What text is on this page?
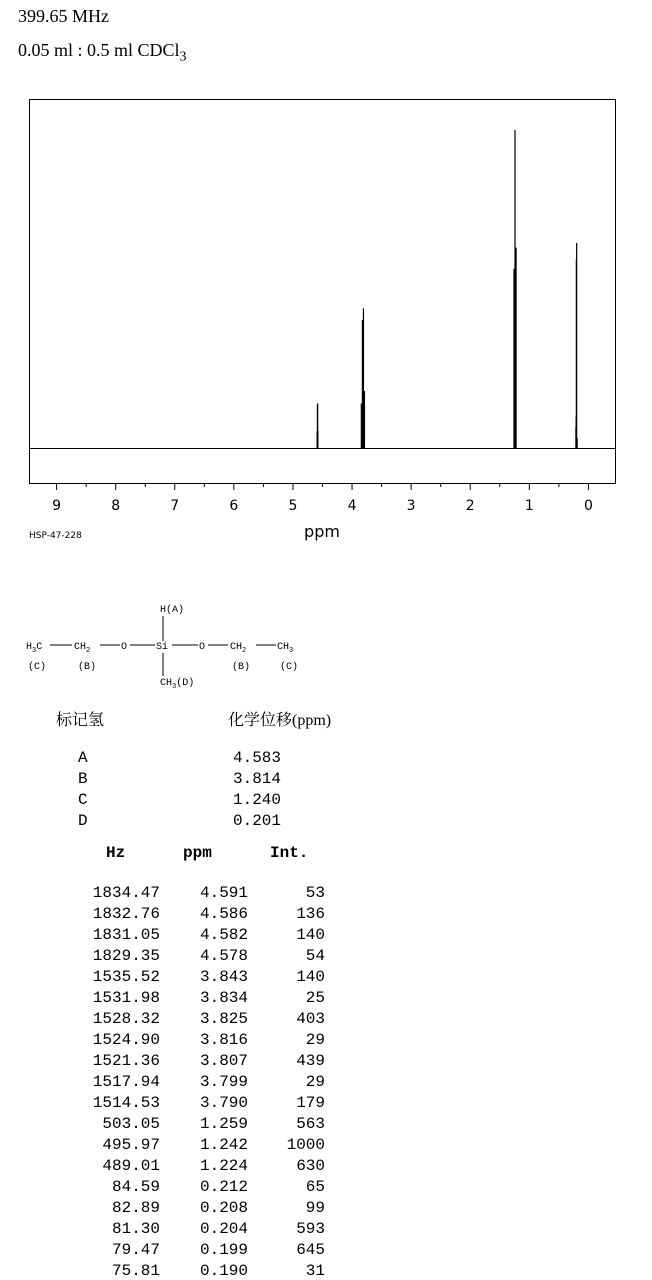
399.65 MHz
0.05 ml : 0.5 ml CDCl$_3$
9	8	7	6	5	4	3	2	1	0
ppm
HSP-47-228
H(A)
$H_3C$	$CH_2$	O	Si	O $CH_2$	$CH_3$
$CH_3(D)$
(C)	(B)	(B)	(C)
标记氢	化学位移(ppm)
A	4.583
B	3.814
C	1.240
D	0.201
Hz	ppm	Int.
1834.47	4.591	53
1832.76	4.586	136
1831.05	4.582	140
1829.35	4.578	54
1535.52	3.843	140
1531.98	3.834	25
1528.32	3.825	403
1524.90	3.816	29
1521.36	3.807	439
1517.94	3.799	29
1514.53	3.790	179
503.05	1.259	563
495.97	1.242	1000
489.01	1.224	630
84.59	0.212	65
82.89	0.208	99
81.30	0.204	593
79.47	0.199	645
75.81	0.190	31
